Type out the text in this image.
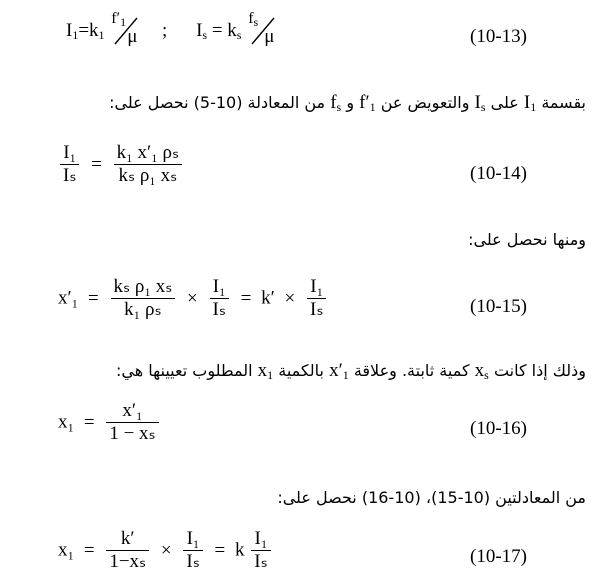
$I_1=k_1$
$f'_1$
μ ; $I_s = k_s$
$f_s$
μ	(10-13)
بقسمة $I_1$ على $I_s$ والتعويض عن $f'_1$ و $f_s$ من المعادلة (10-5) نحصل على:
$\frac{\text{I₁}}{\text{Iₛ}} = \frac{\text{k₁ x′₁ ρₛ}}{\text{kₛ ρ₁ xₛ}}$	(10-14)
ومنها نحصل على:
$x'_1 = \frac{\text{kₛ ρ₁ xₛ}}{\text{k₁ ρₛ}} \times \frac{\text{I₁}}{\text{Iₛ}} = k' \times \frac{\text{I₁}}{\text{Iₛ}}$	(10-15)
وذلك إذا كانت $x_s$ كمية ثابتة. وعلاقة $x'_1$ بالكمية $x_1$ المطلوب تعيينها هي:
$x_1 = \frac{\text{x′₁}}{\text{1 − xₛ}}$	(10-16)
من المعادلتين (10-15)، (10-16) نحصل على:
$x_1 = \frac{k'}{\text{1−xₛ}} \times \frac{\text{I₁}}{\text{Iₛ}} = k \frac{\text{I₁}}{\text{Iₛ}}$	(10-17)
